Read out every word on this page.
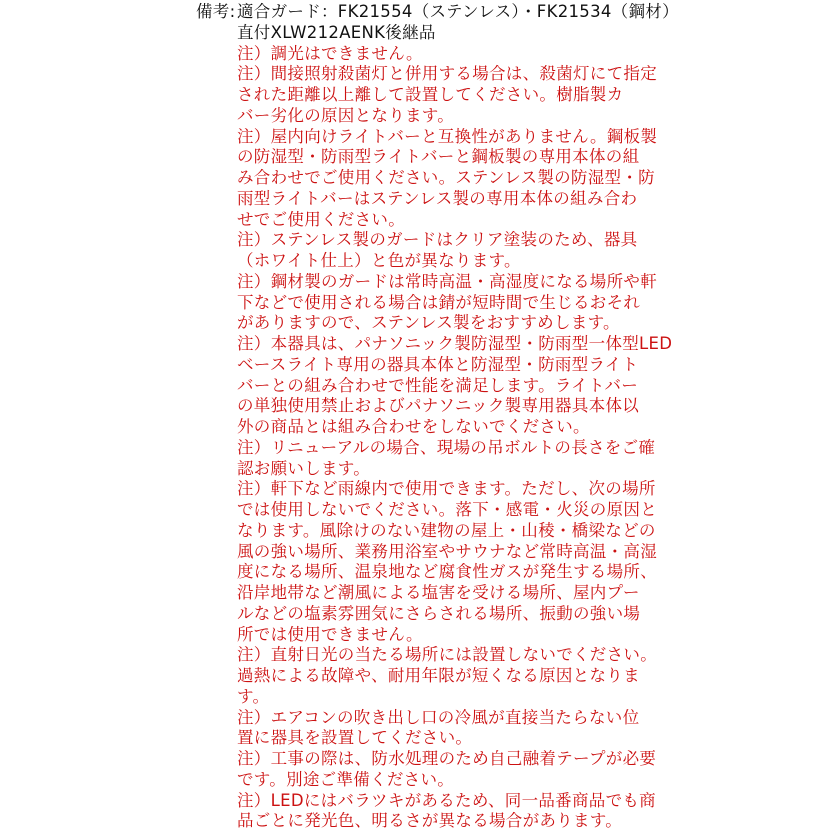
備考: 適合ガード：FK21554（ステンレス）・FK21534（鋼材）
直付XLW212AENK後継品
注）調光はできません。
注）間接照射殺菌灯と併用する場合は、殺菌灯にて指定
された距離以上離して設置してください。樹脂製カ
バー劣化の原因となります。
注）屋内向けライトバーと互換性がありません。鋼板製
の防湿型・防雨型ライトバーと鋼板製の専用本体の組
み合わせでご使用ください。ステンレス製の防湿型・防
雨型ライトバーはステンレス製の専用本体の組み合わ
せでご使用ください。
注）ステンレス製のガードはクリア塗装のため、器具
（ホワイト仕上）と色が異なります。
注）鋼材製のガードは常時高温・高湿度になる場所や軒
下などで使用される場合は錆が短時間で生じるおそれ
がありますので、ステンレス製をおすすめします。
注）本器具は、パナソニック製防湿型・防雨型一体型LED
ベースライト専用の器具本体と防湿型・防雨型ライト
バーとの組み合わせで性能を満足します。ライトバー
の単独使用禁止およびパナソニック製専用器具本体以
外の商品とは組み合わせをしないでください。
注）リニューアルの場合、現場の吊ボルトの長さをご確
認お願いします。
注）軒下など雨線内で使用できます。ただし、次の場所
では使用しないでください。落下・感電・火災の原因と
なります。風除けのない建物の屋上・山稜・橋梁などの
風の強い場所、業務用浴室やサウナなど常時高温・高湿
度になる場所、温泉地など腐食性ガスが発生する場所、
沿岸地帯など潮風による塩害を受ける場所、屋内プー
ルなどの塩素雰囲気にさらされる場所、振動の強い場
所では使用できません。
注）直射日光の当たる場所には設置しないでください。
過熱による故障や、耐用年限が短くなる原因となりま
す。
注）エアコンの吹き出し口の冷風が直接当たらない位
置に器具を設置してください。
注）工事の際は、防水処理のため自己融着テープが必要
です。別途ご準備ください。
注）LEDにはバラツキがあるため、同一品番商品でも商
品ごとに発光色、明るさが異なる場合があります。
